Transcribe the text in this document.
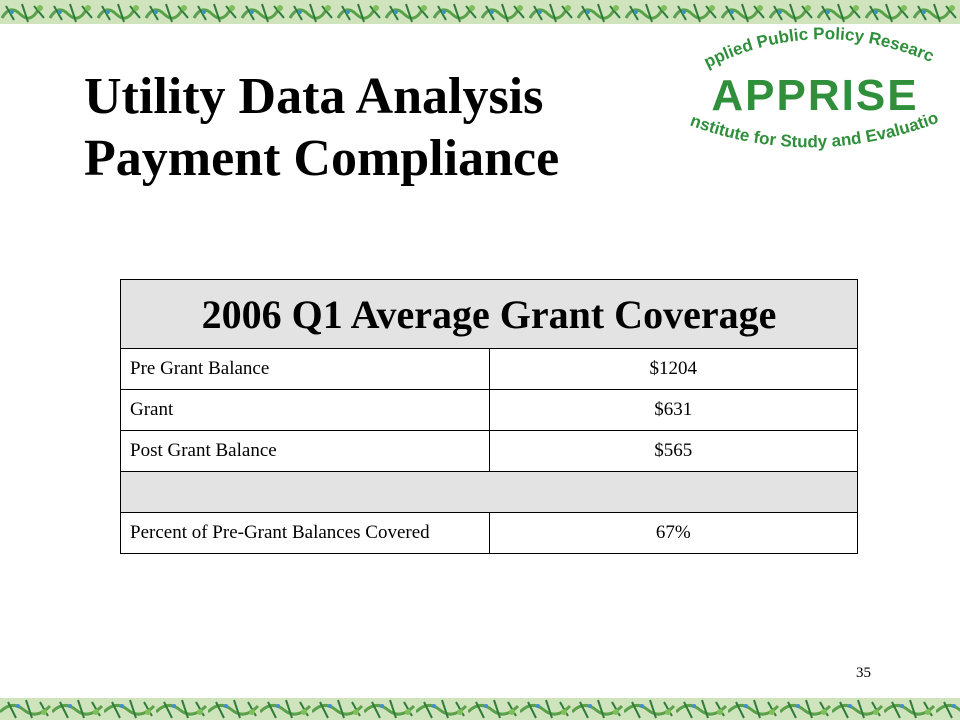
Utility Data Analysis
Payment Compliance
pplied Public Policy Researc
APPRISE
nstitute for Study and Evaluatio
2006 Q1 Average Grant Coverage	
Pre Grant Balance	$1204
Grant	$631
Post Grant Balance	$565

Percent of Pre-Grant Balances Covered	67%
35
